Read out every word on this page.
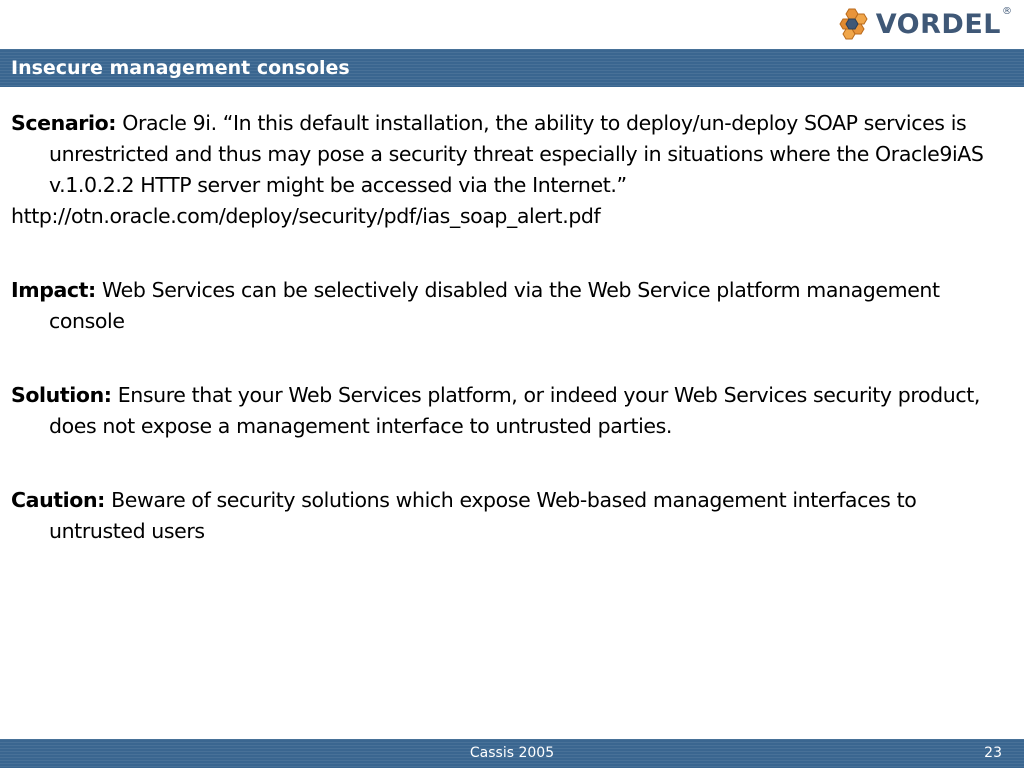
VORDEL ®
Insecure management consoles

Scenario: Oracle 9i. “In this default installation, the ability to deploy/un-deploy SOAP services is unrestricted and thus may pose a security threat especially in situations where the Oracle9iAS v.1.0.2.2 HTTP server might be accessed via the Internet.”
http://otn.oracle.com/deploy/security/pdf/ias_soap_alert.pdf

Impact: Web Services can be selectively disabled via the Web Service platform management console

Solution: Ensure that your Web Services platform, or indeed your Web Services security product, does not expose a management interface to untrusted parties.

Caution: Beware of security solutions which expose Web-based management interfaces to untrusted users

Cassis 2005	23
